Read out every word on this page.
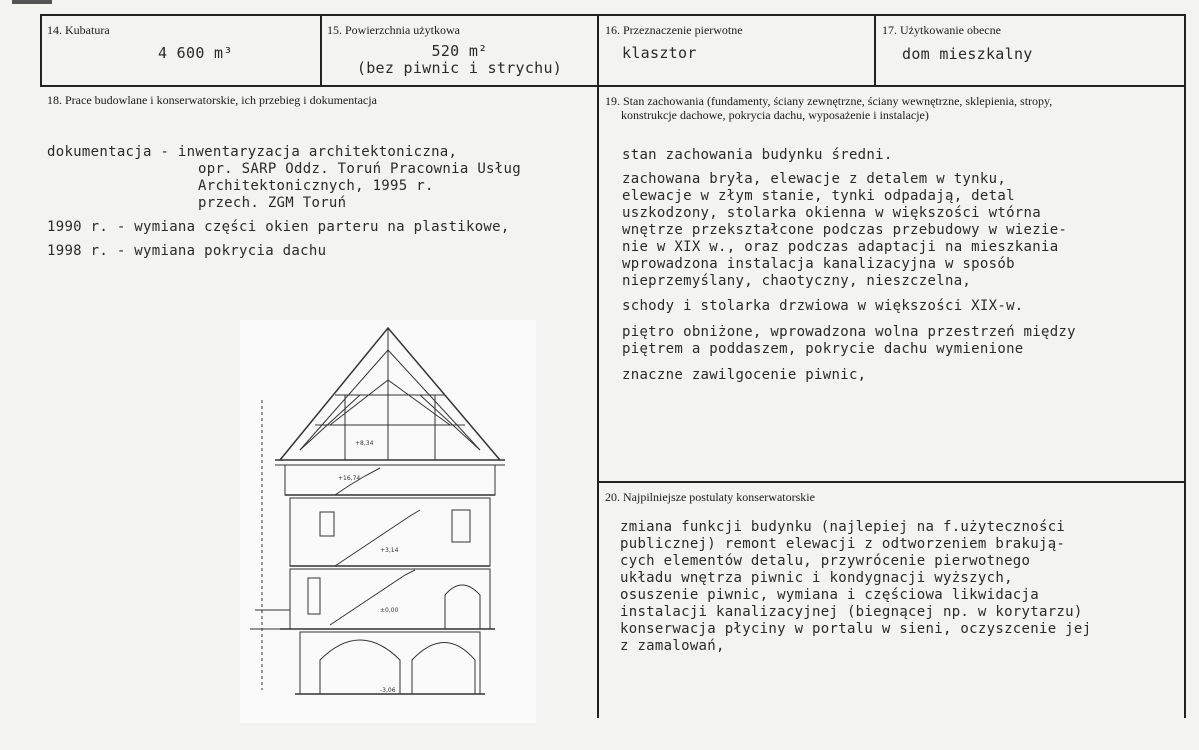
14. Kubatura
4 600 m³
15. Powierzchnia użytkowa
520 m²
(bez piwnic i strychu)
16. Przeznaczenie pierwotne
klasztor
17. Użytkowanie obecne
dom mieszkalny
18. Prace budowlane i konserwatorskie, ich przebieg i dokumentacja
dokumentacja - inwentaryzacja architektoniczna,
opr. SARP Oddz. Toruń Pracownia Usług
Architektonicznych, 1995 r.
przech. ZGM Toruń
1990 r. - wymiana części okien parteru na plastikowe,
1998 r. - wymiana pokrycia dachu
+16,74
+8,34
+3,14
±0,00
-3,06
19. Stan zachowania (fundamenty, ściany zewnętrzne, ściany wewnętrzne, sklepienia, stropy,
konstrukcje dachowe, pokrycia dachu, wyposażenie i instalacje)
stan zachowania budynku średni.
zachowana bryła, elewacje z detalem w tynku,
elewacje w złym stanie, tynki odpadają, detal
uszkodzony, stolarka okienna w większości wtórna
wnętrze przekształcone podczas przebudowy w wiezie-
nie w XIX w., oraz podczas adaptacji na mieszkania
wprowadzona instalacja kanalizacyjna w sposób
nieprzemyślany, chaotyczny, nieszczelna,
schody i stolarka drzwiowa w większości XIX-w.
piętro obniżone, wprowadzona wolna przestrzeń między
piętrem a poddaszem, pokrycie dachu wymienione
znaczne zawilgocenie piwnic,
20. Najpilniejsze postulaty konserwatorskie
zmiana funkcji budynku (najlepiej na f.użyteczności
publicznej) remont elewacji z odtworzeniem brakują-
cych elementów detalu, przywrócenie pierwotnego
układu wnętrza piwnic i kondygnacji wyższych,
osuszenie piwnic, wymiana i częściowa likwidacja
instalacji kanalizacyjnej (biegnącej np. w korytarzu)
konserwacja płyciny w portalu w sieni, oczyszcenie jej
z zamalowań,
